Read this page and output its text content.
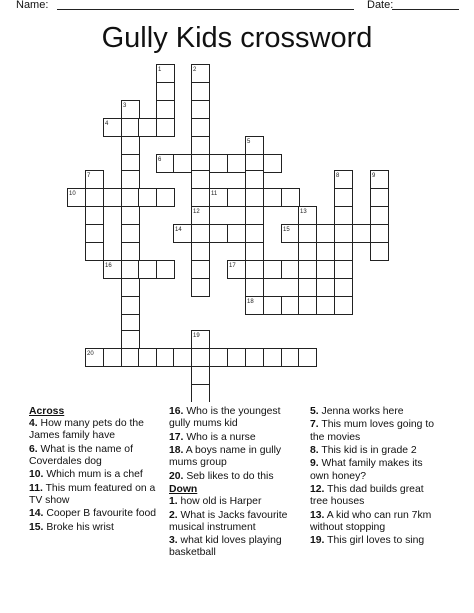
Name:	Date:
Gully Kids crossword
1	2
3
4
5
6
7	8	9
10	11
12	13
14	15
16	17
18
19
20
Across
4. How many pets do the James family have
6. What is the name of Coverdales dog
10. Which mum is a chef
11. This mum featured on a TV show
14. Cooper B favourite food
15. Broke his wrist
16. Who is the youngest gully mums kid
17. Who is a nurse
18. A boys name in gully mums group
20. Seb likes to do this
Down
1. how old is Harper
2. What is Jacks favourite musical instrument
3. what kid loves playing basketball
5. Jenna works here
7. This mum loves going to the movies
8. This kid is in grade 2
9. What family makes its own honey?
12. This dad builds great tree houses
13. A kid who can run 7km without stopping
19. This girl loves to sing
